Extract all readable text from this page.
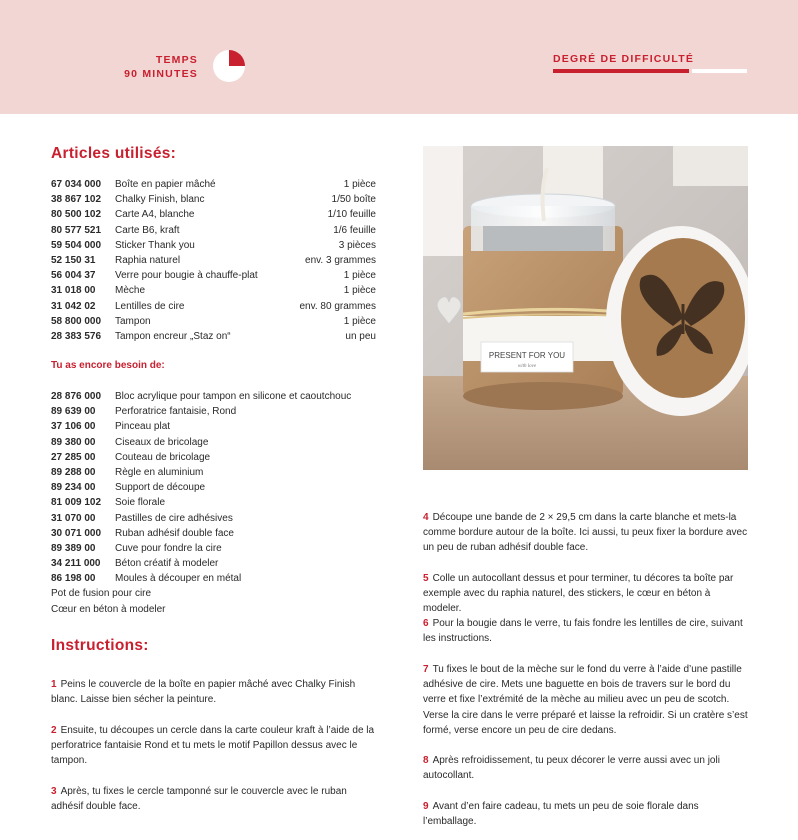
TEMPS
90 MINUTES
DEGRÉ DE DIFFICULTÉ
Articles utilisés:
67 034 000 Boîte en papier mâché	1 pièce
38 867 102 Chalky Finish, blanc	1/50 boîte
80 500 102 Carte A4, blanche	1/10 feuille
80 577 521 Carte B6, kraft	1/6 feuille
59 504 000 Sticker Thank you	3 pièces
52 150 31 Raphia naturel	env. 3 grammes
56 004 37 Verre pour bougie à chauffe-plat	1 pièce
31 018 00 Mèche	1 pièce
31 042 02 Lentilles de cire	env. 80 grammes
58 800 000 Tampon	1 pièce
28 383 576 Tampon encreur „Staz on“	un peu
Tu as encore besoin de:
28 876 000 Bloc acrylique pour tampon en silicone et caoutchouc
89 639 00 Perforatrice fantaisie, Rond
37 106 00 Pinceau plat
89 380 00 Ciseaux de bricolage
27 285 00 Couteau de bricolage
89 288 00 Règle en aluminium
89 234 00 Support de découpe
81 009 102 Soie florale
31 070 00 Pastilles de cire adhésives
30 071 000 Ruban adhésif double face
89 389 00 Cuve pour fondre la cire
34 211 000 Béton créatif à modeler
86 198 00 Moules à découper en métal
Pot de fusion pour cire
Cœur en béton à modeler
Instructions:
1 Peins le couvercle de la boîte en papier mâché avec Chalky Finish blanc. Laisse bien sécher la peinture.
2 Ensuite, tu découpes un cercle dans la carte couleur kraft à l’aide de la perforatrice fantaisie Rond et tu mets le motif Papillon dessus avec le tampon.
3 Après, tu fixes le cercle tamponné sur le couvercle avec le ruban adhésif double face.
4 Découpe une bande de 2 × 29,5 cm dans la carte blanche et mets-la comme bordure autour de la boîte. Ici aussi, tu peux fixer la bordure avec un peu de ruban adhésif double face.
5 Colle un autocollant dessus et pour terminer, tu décores ta boîte par exemple avec du raphia naturel, des stickers, le cœur en béton à modeler.
6 Pour la bougie dans le verre, tu fais fondre les lentilles de cire, suivant les instructions.
7 Tu fixes le bout de la mèche sur le fond du verre à l’aide d’une pastille adhésive de cire. Mets une baguette en bois de travers sur le bord du verre et fixe l’extrémité de la mèche au milieu avec un peu de scotch. Verse la cire dans le verre préparé et laisse la refroidir. Si un cratère s’est formé, verse encore un peu de cire dedans.
8 Après refroidissement, tu peux décorer le verre aussi avec un joli autocollant.
9 Avant d’en faire cadeau, tu mets un peu de soie florale dans l’emballage.
PRESENT FOR YOU
with love
